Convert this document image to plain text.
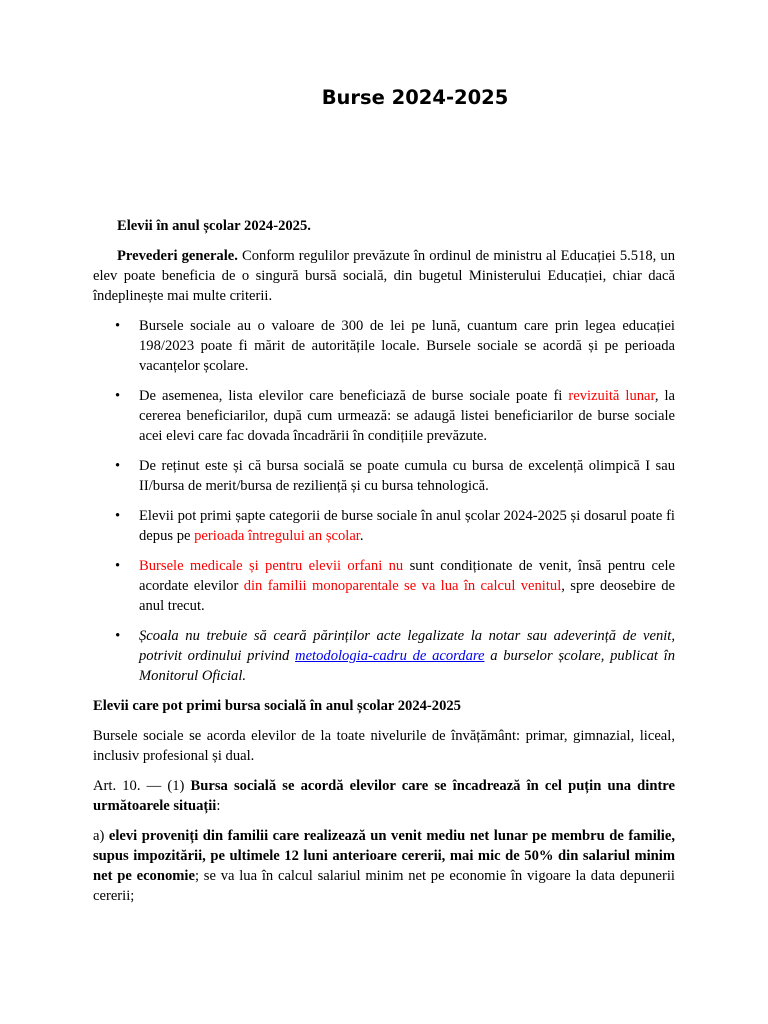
Burse 2024-2025

Elevii în anul școlar 2024-2025.

Prevederi generale. Conform regulilor prevăzute în ordinul de ministru al Educației 5.518, un elev poate beneficia de o singură bursă socială, din bugetul Ministerului Educației, chiar dacă îndeplinește mai multe criterii.

•	Bursele sociale au o valoare de 300 de lei pe lună, cuantum care prin legea educației 198/2023 poate fi mărit de autoritățile locale. Bursele sociale se acordă și pe perioada vacanțelor școlare.
•	De asemenea, lista elevilor care beneficiază de burse sociale poate fi revizuită lunar, la cererea beneficiarilor, după cum urmează: se adaugă listei beneficiarilor de burse sociale acei elevi care fac dovada încadrării în condițiile prevăzute.
•	De reținut este și că bursa socială se poate cumula cu bursa de excelență olimpică I sau II/bursa de merit/bursa de reziliență și cu bursa tehnologică.
•	Elevii pot primi șapte categorii de burse sociale în anul școlar 2024-2025 și dosarul poate fi depus pe perioada întregului an școlar.
•	Bursele medicale și pentru elevii orfani nu sunt condiționate de venit, însă pentru cele acordate elevilor din familii monoparentale se va lua în calcul venitul, spre deosebire de anul trecut.
•	Școala nu trebuie să ceară părinților acte legalizate la notar sau adeverință de venit, potrivit ordinului privind metodologia-cadru de acordare a burselor școlare, publicat în Monitorul Oficial.

Elevii care pot primi bursa socială în anul școlar 2024-2025

Bursele sociale se acorda elevilor de la toate nivelurile de învățământ: primar, gimnazial, liceal, inclusiv profesional și dual.

Art. 10. — (1) Bursa socială se acordă elevilor care se încadrează în cel puțin una dintre următoarele situații:

a) elevi proveniți din familii care realizează un venit mediu net lunar pe membru de familie, supus impozitării, pe ultimele 12 luni anterioare cererii, mai mic de 50% din salariul minim net pe economie; se va lua în calcul salariul minim net pe economie în vigoare la data depunerii cererii;
